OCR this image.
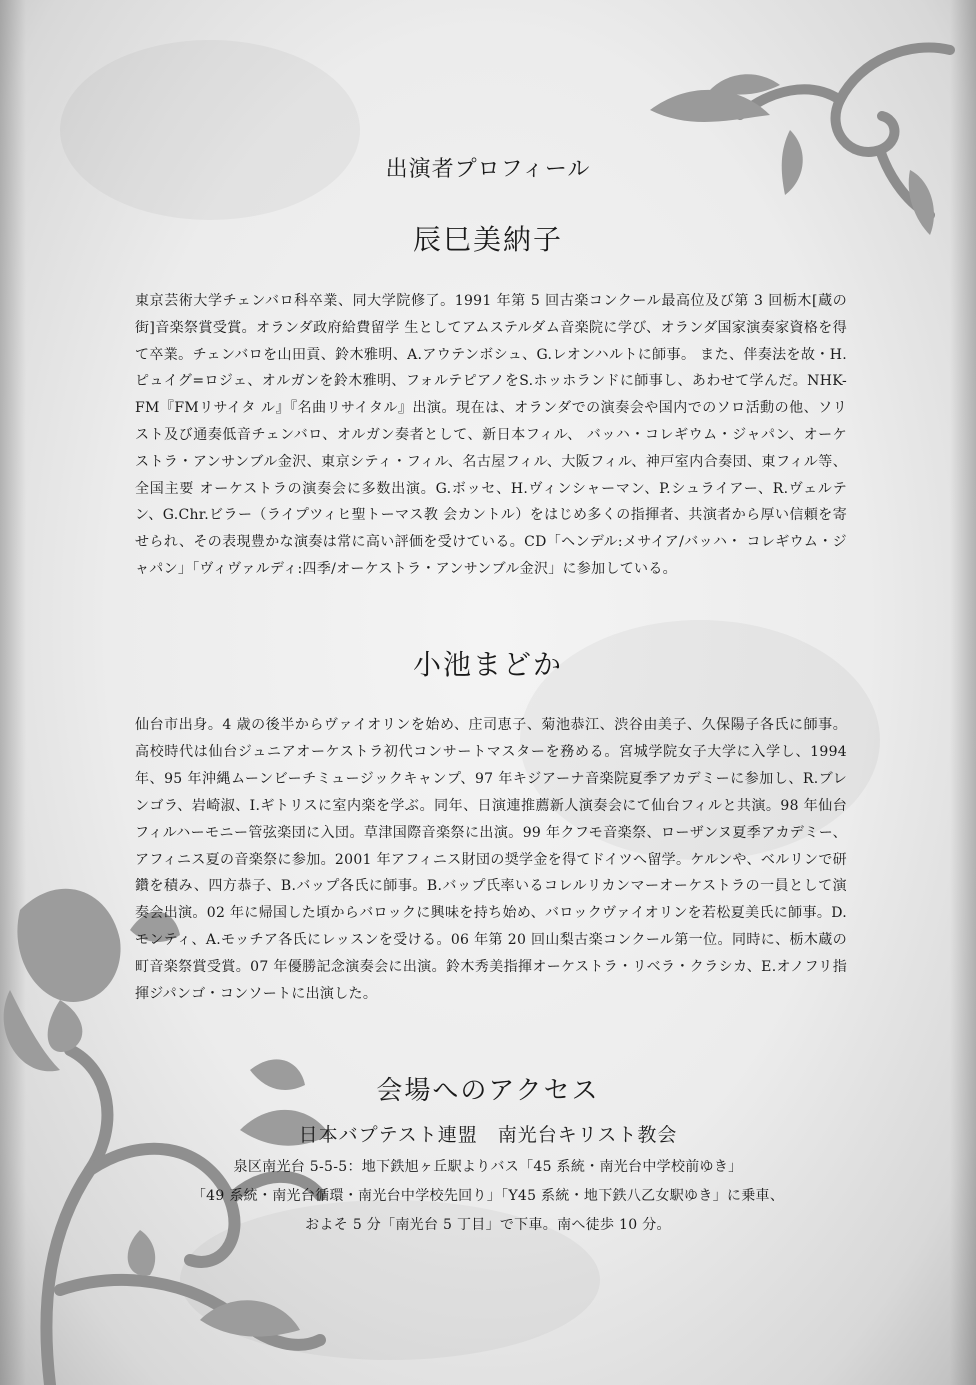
出演者プロフィール
辰巳美納子
東京芸術大学チェンバロ科卒業、同大学院修了。1991 年第 5 回古楽コンクール最高位及び第 3 回栃木[蔵の街]音楽祭賞受賞。オランダ政府給費留学 生としてアムステルダム音楽院に学び、オランダ国家演奏家資格を得て卒業。チェンバロを山田貢、鈴木雅明、A.アウテンボシュ、G.レオンハルトに師事。 また、伴奏法を故・H.ピュイグ=ロジェ、オルガンを鈴木雅明、フォルテピアノをS.ホッホランドに師事し、あわせて学んだ。NHK-FM『FMリサイタ ル』『名曲リサイタル』出演。現在は、オランダでの演奏会や国内でのソロ活動の他、ソリスト及び通奏低音チェンバロ、オルガン奏者として、新日本フィル、 バッハ・コレギウム・ジャパン、オーケストラ・アンサンブル金沢、東京シティ・フィル、名古屋フィル、大阪フィル、神戸室内合奏団、東フィル等、全国主要 オーケストラの演奏会に多数出演。G.ボッセ、H.ヴィンシャーマン、P.シュライアー、R.ヴェルテン、G.Chr.ビラー（ライプツィヒ聖トーマス教 会カントル）をはじめ多くの指揮者、共演者から厚い信頼を寄せられ、その表現豊かな演奏は常に高い評価を受けている。CD「ヘンデル:メサイア/バッハ・ コレギウム・ジャパン」「ヴィヴァルディ:四季/オーケストラ・アンサンブル金沢」に参加している。
小池まどか
仙台市出身。4 歳の後半からヴァイオリンを始め、庄司恵子、菊池恭江、渋谷由美子、久保陽子各氏に師事。高校時代は仙台ジュニアオーケストラ初代コンサートマスターを務める。宮城学院女子大学に入学し、1994 年、95 年沖縄ムーンビーチミュージックキャンプ、97 年キジアーナ音楽院夏季アカデミーに参加し、R.ブレンゴラ、岩崎淑、I.ギトリスに室内楽を学ぶ。同年、日演連推薦新人演奏会にて仙台フィルと共演。98 年仙台フィルハーモニー管弦楽団に入団。草津国際音楽祭に出演。99 年クフモ音楽祭、ローザンヌ夏季アカデミー、アフィニス夏の音楽祭に参加。2001 年アフィニス財団の奨学金を得てドイツへ留学。ケルンや、ベルリンで研鑽を積み、四方恭子、B.バップ各氏に師事。B.バップ氏率いるコレルリカンマーオーケストラの一員として演奏会出演。02 年に帰国した頃からバロックに興味を持ち始め、バロックヴァイオリンを若松夏美氏に師事。D.モンティ、A.モッチア各氏にレッスンを受ける。06 年第 20 回山梨古楽コンクール第一位。同時に、栃木蔵の町音楽祭賞受賞。07 年優勝記念演奏会に出演。鈴木秀美指揮オーケストラ・リベラ・クラシカ、E.オノフリ指揮ジパンゴ・コンソートに出演した。
会場へのアクセス
日本バプテスト連盟　南光台キリスト教会
泉区南光台 5-5-5：地下鉄旭ヶ丘駅よりバス「45 系統・南光台中学校前ゆき」
「49 系統・南光台循環・南光台中学校先回り」「Y45 系統・地下鉄八乙女駅ゆき」に乗車、
およそ 5 分「南光台 5 丁目」で下車。南へ徒歩 10 分。
